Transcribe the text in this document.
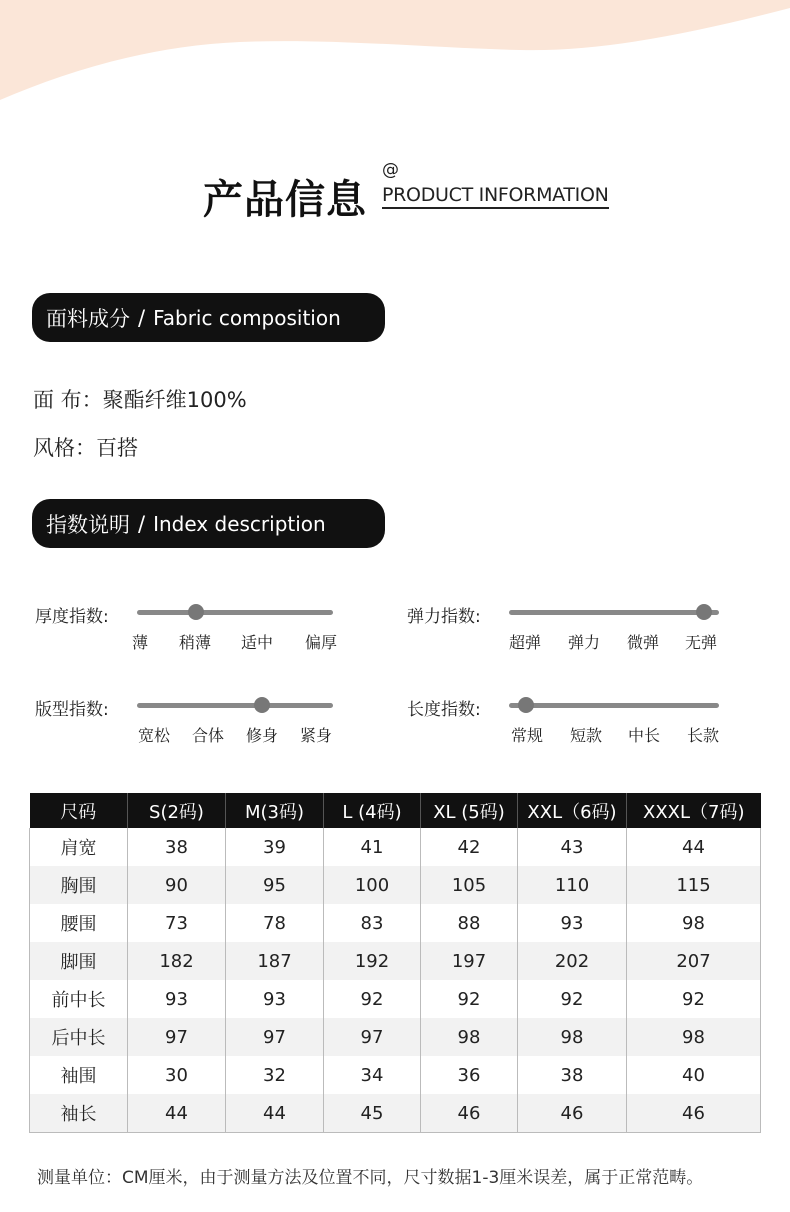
产品信息
@
PRODUCT INFORMATION
面料成分 / Fabric composition
面 布：聚酯纤维100%
风格：百搭
指数说明 / Index description
厚度指数:
薄 稍薄 适中 偏厚
弹力指数:
超弹 弹力 微弹 无弹
版型指数:
宽松 合体 修身 紧身
长度指数:
常规 短款 中长 长款
尺码	S(2码)	M(3码)	L (4码)	XL (5码)	XXL（6码)	XXXL（7码)
肩宽	38	39	41	42	43	44
胸围	90	95	100	105	110	115
腰围	73	78	83	88	93	98
脚围	182	187	192	197	202	207
前中长	93	93	92	92	92	92
后中长	97	97	97	98	98	98
袖围	30	32	34	36	38	40
袖长	44	44	45	46	46	46
测量单位：CM厘米，由于测量方法及位置不同，尺寸数据1-3厘米误差，属于正常范畴。
